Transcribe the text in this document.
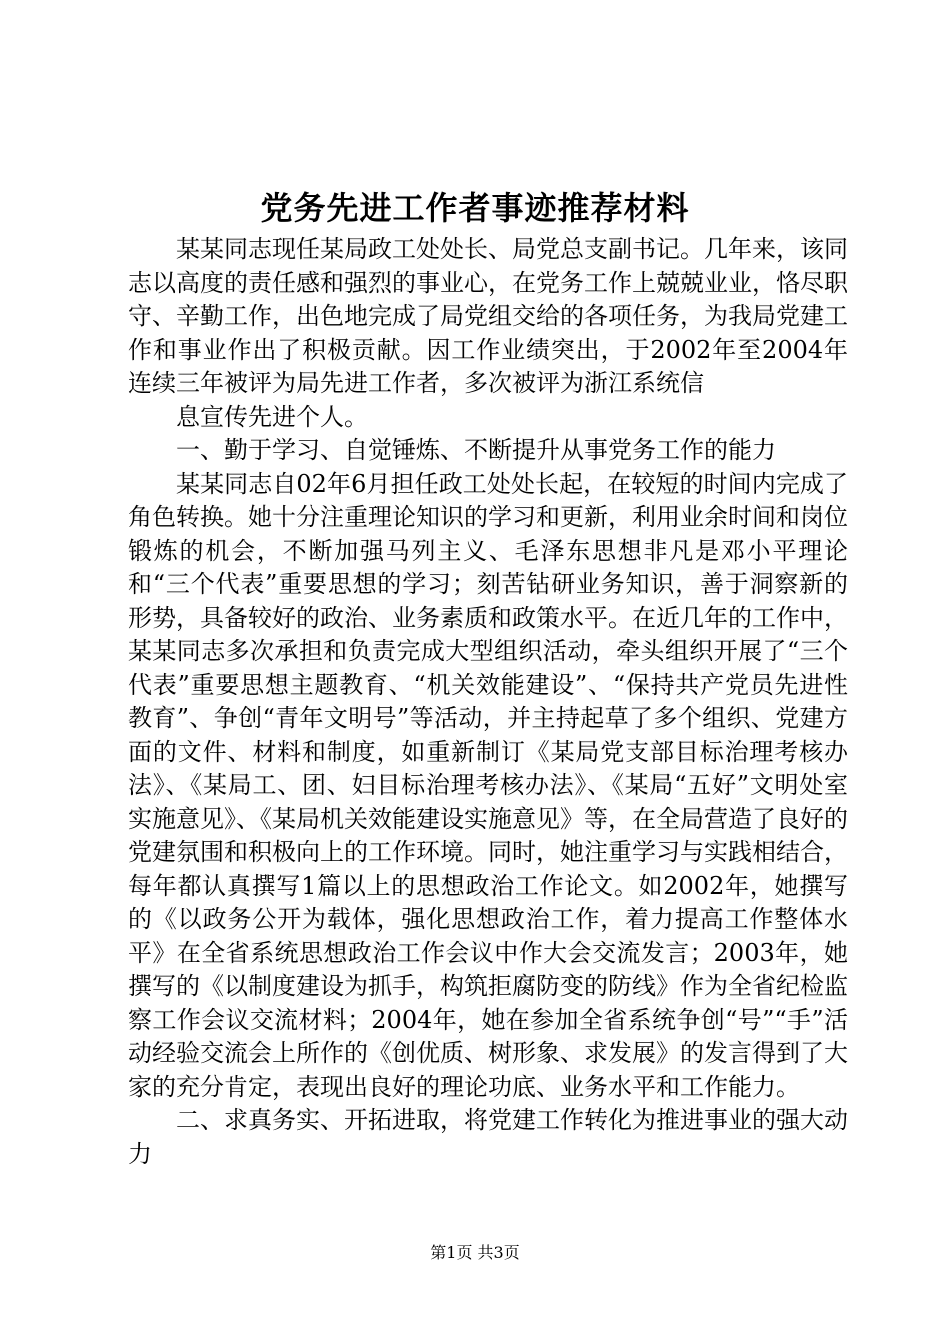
党务先进工作者事迹推荐材料

某某同志现任某局政工处处长、局党总支副书记。几年来，该同志以高度的责任感和强烈的事业心，在党务工作上兢兢业业，恪尽职守、辛勤工作，出色地完成了局党组交给的各项任务，为我局党建工作和事业作出了积极贡献。因工作业绩突出，于2002年至2004年连续三年被评为局先进工作者，多次被评为浙江系统信

息宣传先进个人。

一、勤于学习、自觉锤炼、不断提升从事党务工作的能力

某某同志自02年6月担任政工处处长起，在较短的时间内完成了角色转换。她十分注重理论知识的学习和更新，利用业余时间和岗位锻炼的机会，不断加强马列主义、毛泽东思想非凡是邓小平理论和“三个代表”重要思想的学习；刻苦钻研业务知识，善于洞察新的形势，具备较好的政治、业务素质和政策水平。在近几年的工作中，某某同志多次承担和负责完成大型组织活动，牵头组织开展了“三个代表”重要思想主题教育、“机关效能建设”、“保持共产党员先进性教育”、争创“青年文明号”等活动，并主持起草了多个组织、党建方面的文件、材料和制度，如重新制订《某局党支部目标治理考核办法》、《某局工、团、妇目标治理考核办法》、《某局“五好”文明处室实施意见》、《某局机关效能建设实施意见》等，在全局营造了良好的党建氛围和积极向上的工作环境。同时，她注重学习与实践相结合，每年都认真撰写1篇以上的思想政治工作论文。如2002年，她撰写的《以政务公开为载体，强化思想政治工作，着力提高工作整体水平》在全省系统思想政治工作会议中作大会交流发言；2003年，她撰写的《以制度建设为抓手，构筑拒腐防变的防线》作为全省纪检监察工作会议交流材料；2004年，她在参加全省系统争创“号”“手”活动经验交流会上所作的《创优质、树形象、求发展》的发言得到了大家的充分肯定，表现出良好的理论功底、业务水平和工作能力。

二、求真务实、开拓进取，将党建工作转化为推进事业的强大动力

第1页 共3页
